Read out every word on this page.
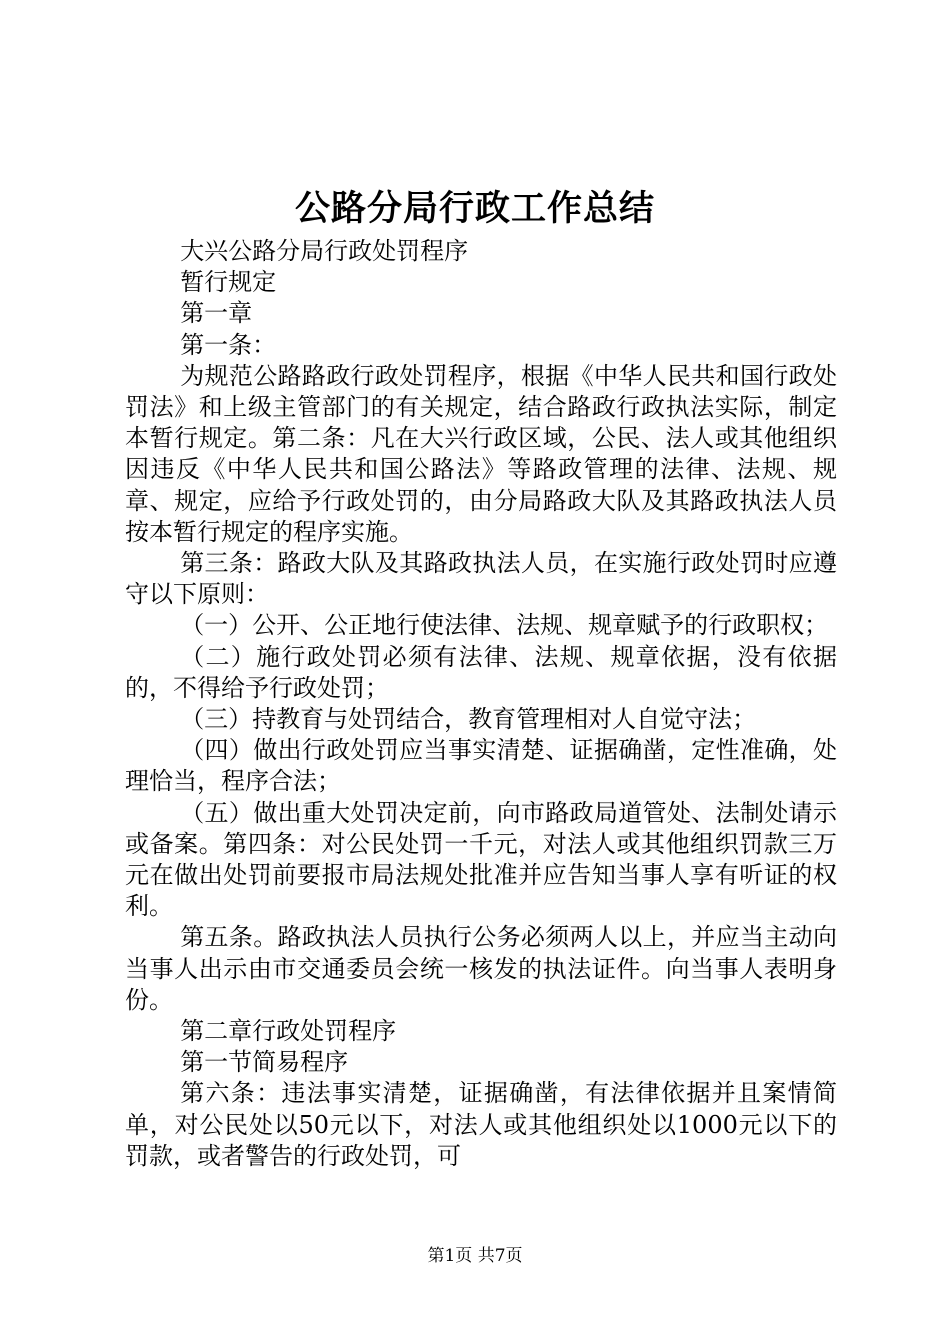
公路分局行政工作总结

大兴公路分局行政处罚程序

暂行规定

第一章

第一条：

为规范公路路政行政处罚程序，根据《中华人民共和国行政处罚法》和上级主管部门的有关规定，结合路政行政执法实际，制定本暂行规定。第二条：凡在大兴行政区域，公民、法人或其他组织因违反《中华人民共和国公路法》等路政管理的法律、法规、规章、规定，应给予行政处罚的，由分局路政大队及其路政执法人员按本暂行规定的程序实施。

第三条：路政大队及其路政执法人员，在实施行政处罚时应遵守以下原则：

（一）公开、公正地行使法律、法规、规章赋予的行政职权；

（二）施行政处罚必须有法律、法规、规章依据，没有依据的，不得给予行政处罚；

（三）持教育与处罚结合，教育管理相对人自觉守法；

（四）做出行政处罚应当事实清楚、证据确凿，定性准确，处理恰当，程序合法；

（五）做出重大处罚决定前，向市路政局道管处、法制处请示或备案。第四条：对公民处罚一千元，对法人或其他组织罚款三万元在做出处罚前要报市局法规处批准并应告知当事人享有听证的权利。

第五条。路政执法人员执行公务必须两人以上，并应当主动向当事人出示由市交通委员会统一核发的执法证件。向当事人表明身份。

第二章行政处罚程序

第一节简易程序

第六条：违法事实清楚，证据确凿，有法律依据并且案情简单，对公民处以50元以下，对法人或其他组织处以1000元以下的罚款，或者警告的行政处罚，可

第1页 共7页
